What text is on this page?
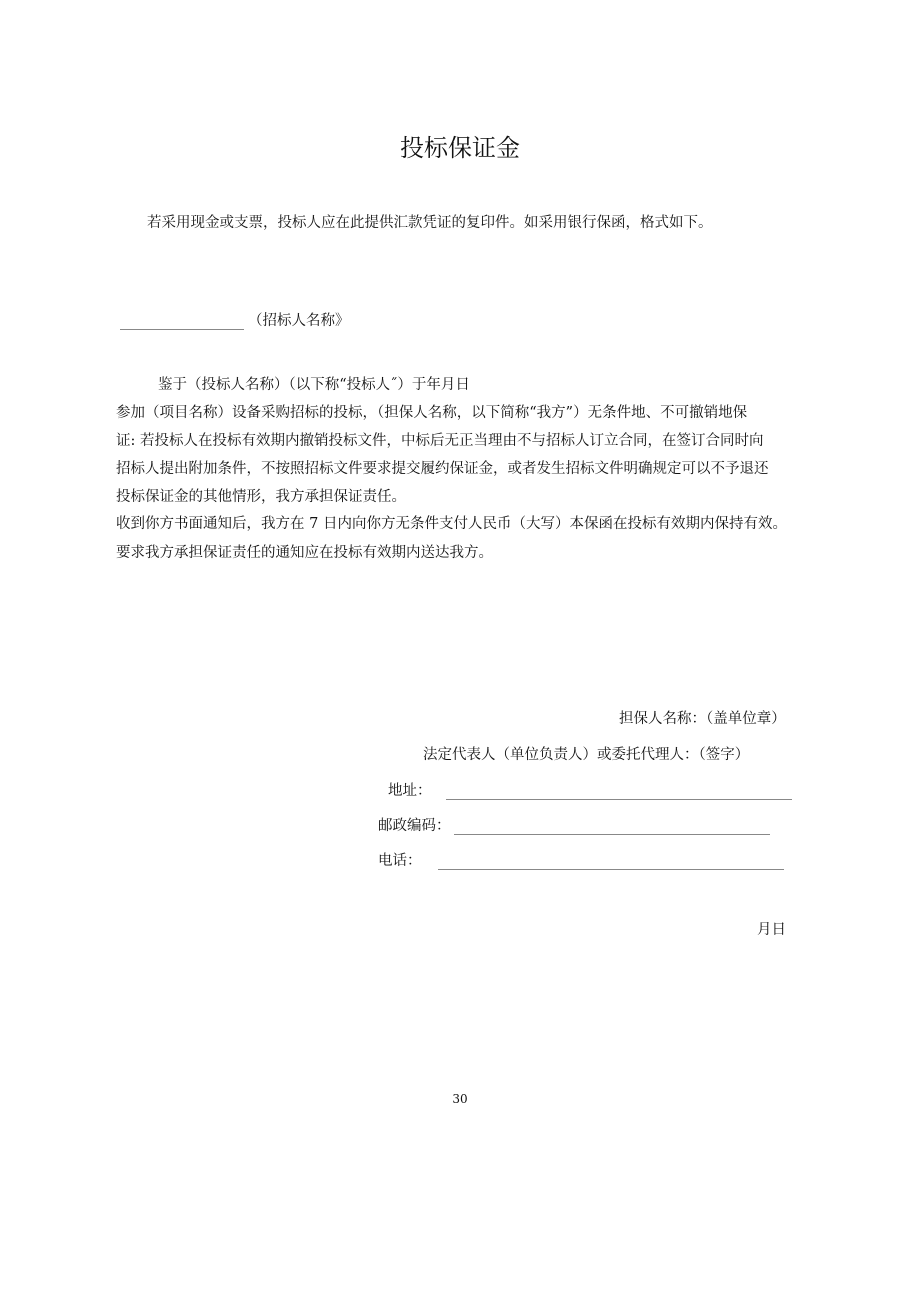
投标保证金
若采用现金或支票，投标人应在此提供汇款凭证的复印件。如采用银行保函，格式如下。
（招标人名称》
鉴于（投标人名称）（以下称“投标人˝）于年月日
参加（项目名称）设备采购招标的投标，（担保人名称，以下简称“我方”）无条件地、不可撤销地保
证: 若投标人在投标有效期内撤销投标文件，中标后无正当理由不与招标人订立合同，在签订合同时向
招标人提出附加条件，不按照招标文件要求提交履约保证金，或者发生招标文件明确规定可以不予退还
投标保证金的其他情形，我方承担保证责任。
收到你方书面通知后，我方在 7 日内向你方无条件支付人民币（大写）本保函在投标有效期内保持有效。
要求我方承担保证责任的通知应在投标有效期内送达我方。
担保人名称：（盖单位章）
法定代表人（单位负责人）或委托代理人：（签字）
地址：
邮政编码：
电话：
月日
30
